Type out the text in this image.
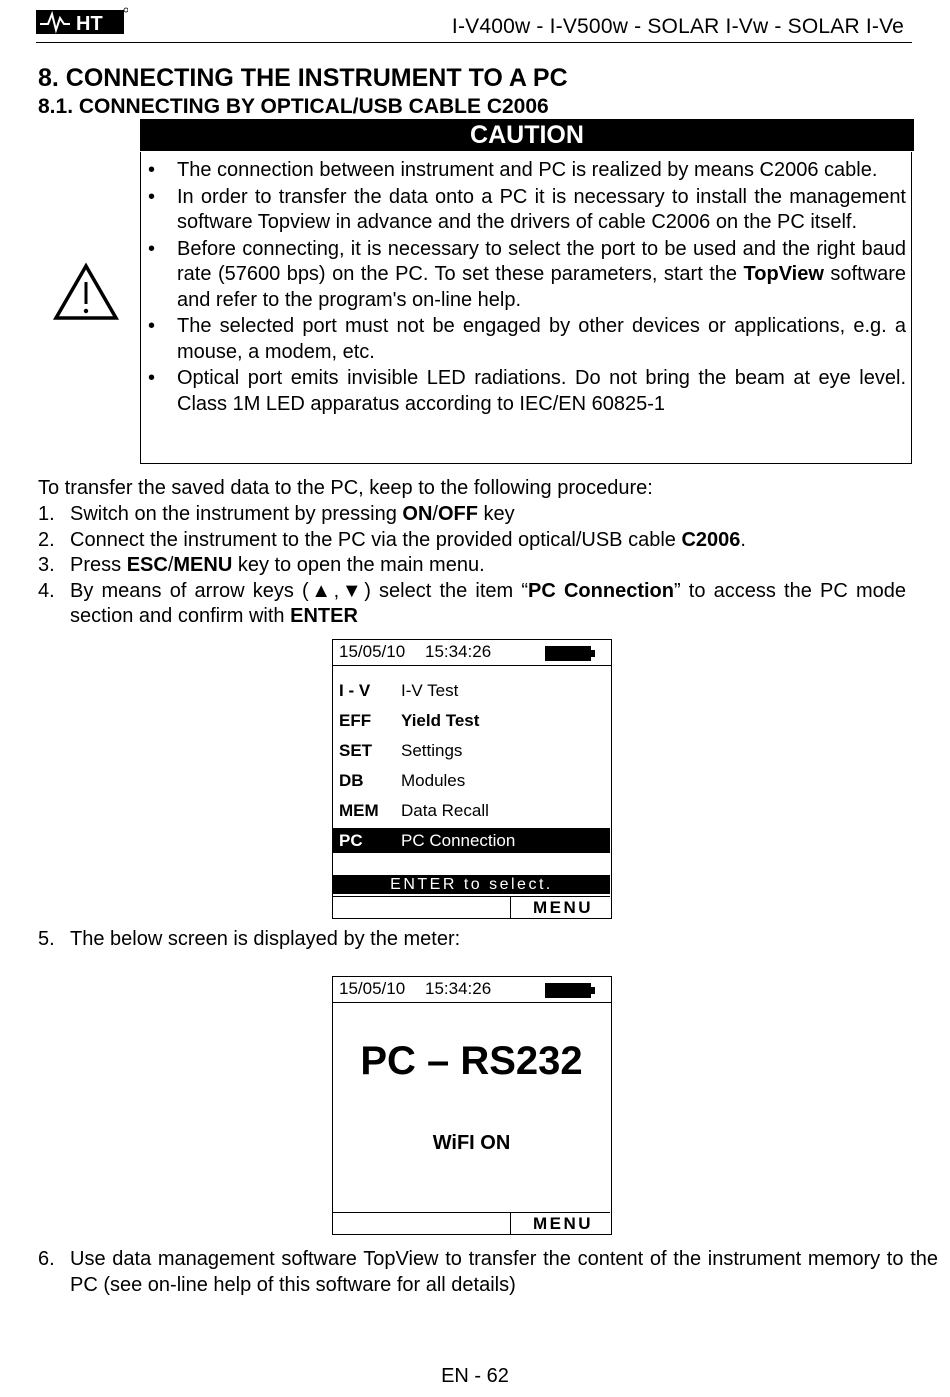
HT	I-V400w - I-V500w - SOLAR I-Vw - SOLAR I-Ve
8. CONNECTING THE INSTRUMENT TO A PC
8.1. CONNECTING BY OPTICAL/USB CABLE C2006
CAUTION
• The connection between instrument and PC is realized by means C2006 cable.
• In order to transfer the data onto a PC it is necessary to install the management software Topview in advance and the drivers of cable C2006 on the PC itself.
• Before connecting, it is necessary to select the port to be used and the right baud rate (57600 bps) on the PC. To set these parameters, start the TopView software and refer to the program's on-line help.
• The selected port must not be engaged by other devices or applications, e.g. a mouse, a modem, etc.
• Optical port emits invisible LED radiations. Do not bring the beam at eye level. Class 1M LED apparatus according to IEC/EN 60825-1
To transfer the saved data to the PC, keep to the following procedure:
1. Switch on the instrument by pressing ON/OFF key
2. Connect the instrument to the PC via the provided optical/USB cable C2006.
3. Press ESC/MENU key to open the main menu.
4. By means of arrow keys (▲,▼) select the item “PC Connection” to access the PC mode section and confirm with ENTER
15/05/10 15:34:26
I - V I-V Test
EFF Yield Test
SET Settings
DB Modules
MEM Data Recall
PC PC Connection
ENTER to select.
MENU
5. The below screen is displayed by the meter:
15/05/10 15:34:26
PC – RS232
WiFI ON
MENU
6. Use data management software TopView to transfer the content of the instrument memory to the PC (see on-line help of this software for all details)
EN - 62
